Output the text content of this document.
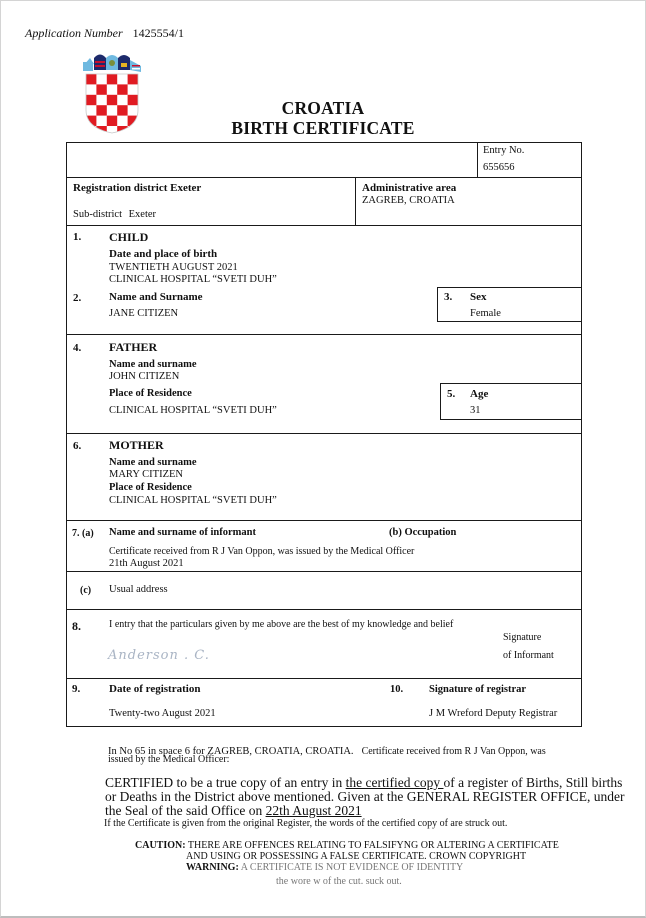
Application Number 1425554/1
CROATIA
BIRTH CERTIFICATE
Entry No.
655656
Registration district Exeter
Sub-district Exeter
Administrative area
ZAGREB, CROATIA
1. CHILD
Date and place of birth
TWENTIETH AUGUST 2021
CLINICAL HOSPITAL “SVETI DUH”
2.	Name and Surname
JANE CITIZEN
3. Sex
Female
4. FATHER
Name and surname
JOHN CITIZEN
Place of Residence
CLINICAL HOSPITAL “SVETI DUH”
5. Age
31
6. MOTHER
Name and surname
MARY CITIZEN
Place of Residence
CLINICAL HOSPITAL “SVETI DUH”
7. (a) Name and surname of informant	(b) Occupation
Certificate received from R J Van Oppon, was issued by the Medical Officer
21th August 2021
(c) Usual address
8.	I entry that the particulars given by me above are the best of my knowledge and belief
Anderson . C.
Signature
of Informant
9.	Date of registration
Twenty-two August 2021
10. Signature of registrar
J M Wreford Deputy Registrar
In No 65 in space 6 for ZAGREB, CROATIA, CROATIA. Certificate received from R J Van Oppon, was
issued by the Medical Officer:
CERTIFIED to be a true copy of an entry in the certified copy of a register of Births, Still births
or Deaths in the District above mentioned. Given at the GENERAL REGISTER OFFICE, under
the Seal of the said Office on 22th August 2021
If the Certificate is given from the original Register, the words of the certified copy of are struck out.
CAUTION: THERE ARE OFFENCES RELATING TO FALSIFYNG OR ALTERING A CERTIFICATE
AND USING OR POSSESSING A FALSE CERTIFICATE. CROWN COPYRIGHT
WARNING: A CERTIFICATE IS NOT EVIDENCE OF IDENTITY
the wore w of the cut. suck out.
